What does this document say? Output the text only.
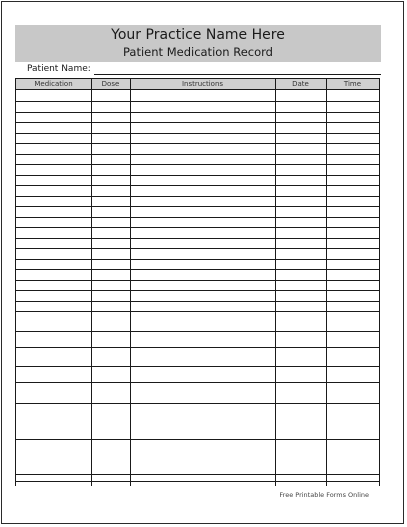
Your Practice Name Here
Patient Medication Record
Patient Name:
Medication	Dose	Instructions	Date	Time
Free Printable Forms Online
